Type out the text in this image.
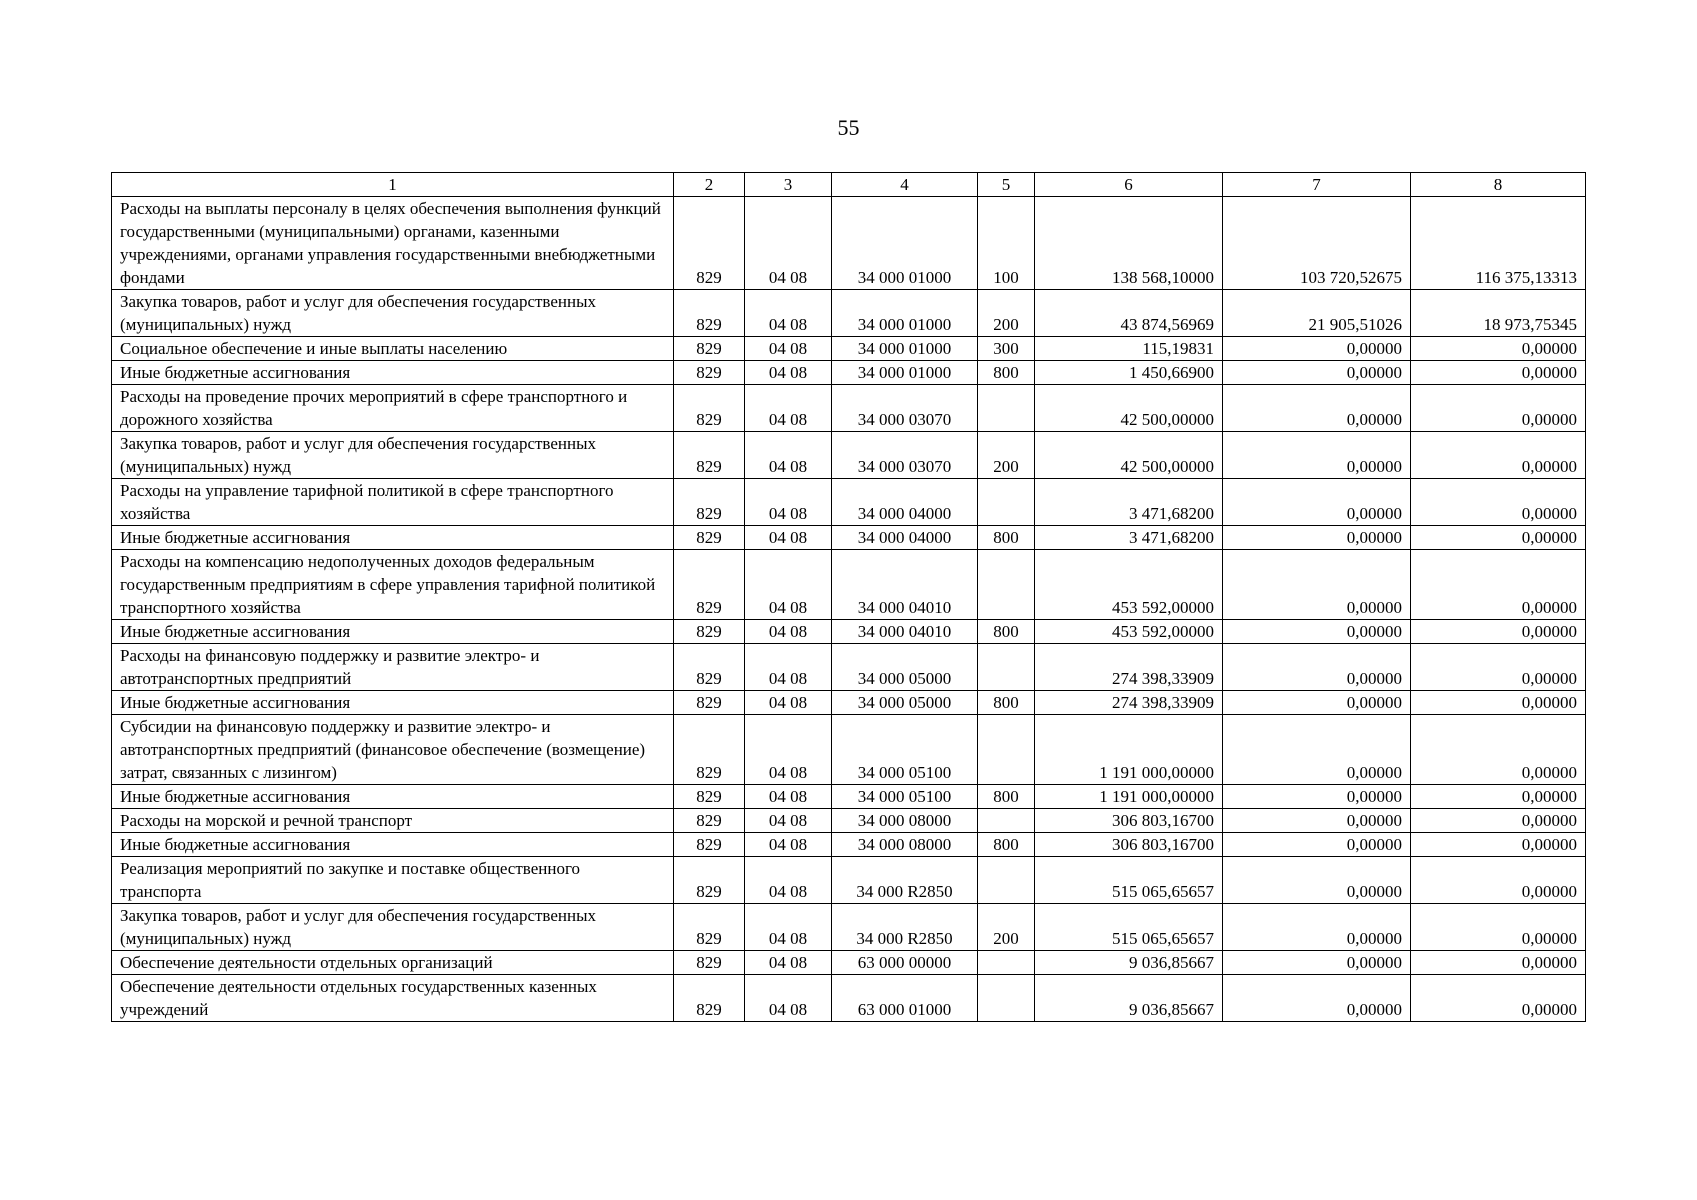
55
1	2	3	4	5	6	7	8
Расходы на выплаты персоналу в целях обеспечения выполнения функций государственными (муниципальными) органами, казенными учреждениями, органами управления государственными внебюджетными фондами	829	04 08	34 000 01000	100	138 568,10000	103 720,52675	116 375,13313
Закупка товаров, работ и услуг для обеспечения государственных (муниципальных) нужд	829	04 08	34 000 01000	200	43 874,56969	21 905,51026	18 973,75345
Социальное обеспечение и иные выплаты населению	829	04 08	34 000 01000	300	115,19831	0,00000	0,00000
Иные бюджетные ассигнования	829	04 08	34 000 01000	800	1 450,66900	0,00000	0,00000
Расходы на проведение прочих мероприятий в сфере транспортного и дорожного хозяйства	829	04 08	34 000 03070		42 500,00000	0,00000	0,00000
Закупка товаров, работ и услуг для обеспечения государственных (муниципальных) нужд	829	04 08	34 000 03070	200	42 500,00000	0,00000	0,00000
Расходы на управление тарифной политикой в сфере транспортного хозяйства	829	04 08	34 000 04000		3 471,68200	0,00000	0,00000
Иные бюджетные ассигнования	829	04 08	34 000 04000	800	3 471,68200	0,00000	0,00000
Расходы на компенсацию недополученных доходов федеральным государственным предприятиям в сфере управления тарифной политикой транспортного хозяйства	829	04 08	34 000 04010		453 592,00000	0,00000	0,00000
Иные бюджетные ассигнования	829	04 08	34 000 04010	800	453 592,00000	0,00000	0,00000
Расходы на финансовую поддержку и развитие электро- и автотранспортных предприятий	829	04 08	34 000 05000		274 398,33909	0,00000	0,00000
Иные бюджетные ассигнования	829	04 08	34 000 05000	800	274 398,33909	0,00000	0,00000
Субсидии на финансовую поддержку и развитие электро- и автотранспортных предприятий (финансовое обеспечение (возмещение) затрат, связанных с лизингом)	829	04 08	34 000 05100		1 191 000,00000	0,00000	0,00000
Иные бюджетные ассигнования	829	04 08	34 000 05100	800	1 191 000,00000	0,00000	0,00000
Расходы на морской и речной транспорт	829	04 08	34 000 08000		306 803,16700	0,00000	0,00000
Иные бюджетные ассигнования	829	04 08	34 000 08000	800	306 803,16700	0,00000	0,00000
Реализация мероприятий по закупке и поставке общественного транспорта	829	04 08	34 000 R2850		515 065,65657	0,00000	0,00000
Закупка товаров, работ и услуг для обеспечения государственных (муниципальных) нужд	829	04 08	34 000 R2850	200	515 065,65657	0,00000	0,00000
Обеспечение деятельности отдельных организаций	829	04 08	63 000 00000		9 036,85667	0,00000	0,00000
Обеспечение деятельности отдельных государственных казенных учреждений	829	04 08	63 000 01000		9 036,85667	0,00000	0,00000
